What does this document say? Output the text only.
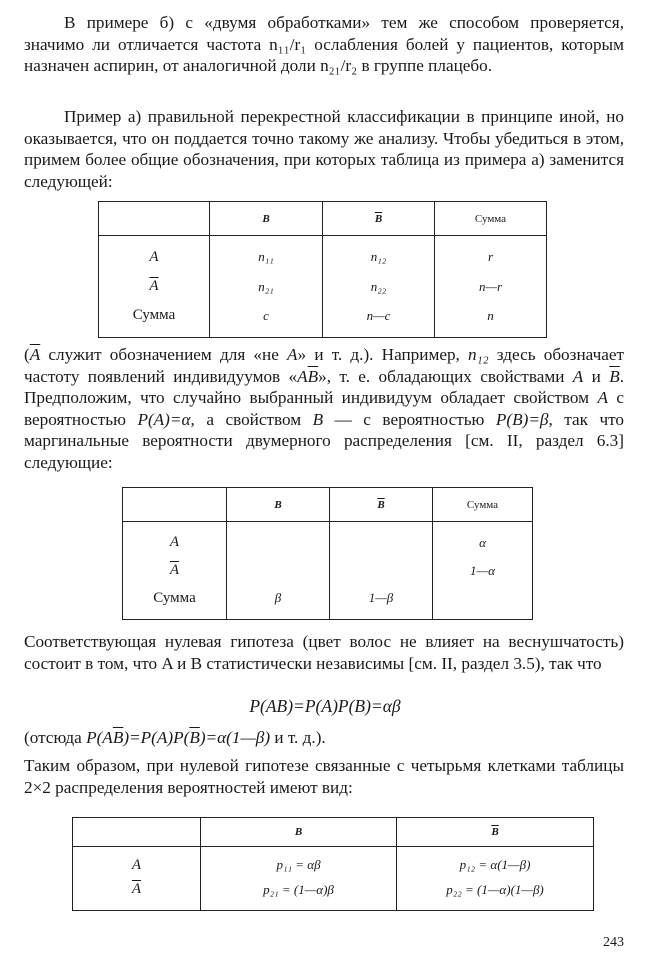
В примере б) с «двумя обработками» тем же способом проверяется, значимо ли отличается частота n₁₁/r₁ ослабления болей у пациентов, которым назначен аспирин, от аналогичной доли n₂₁/r₂ в группе плацебо.

Пример а) правильной перекрестной классификации в принципе иной, но оказывается, что он поддается точно такому же анализу. Чтобы убедиться в этом, примем более общие обозначения, при которых таблица из примера а) заменится следующей:

	B	$\overline{B}$	Сумма
A	n₁₁	n₁₂	r
$\overline{A}$	n₂₁	n₂₂	n—r
Сумма	c	n—c	n

($\overline{A}$ служит обозначением для «не A» и т. д.). Например, n₁₂ здесь обозначает частоту появлений индивидуумов «$A\overline{B}$», т. е. обладающих свойствами A и $\overline{B}$. Предположим, что случайно выбранный индивидуум обладает свойством A с вероятностью P(A)=α, а свойством B — с вероятностью P(B)=β, так что маргинальные вероятности двумерного распределения [см. II, раздел 6.3] следующие:

	B	$\overline{B}$	Сумма
A			α
$\overline{A}$			1—α
Сумма	β	1—β	

Соответствующая нулевая гипотеза (цвет волос не влияет на веснушчатость) состоит в том, что A и B статистически независимы [см. II, раздел 3.5), так что

P(AB)=P(A)P(B)=αβ

(отсюда $P(A\overline{B})=P(A)P(\overline{B})=\alpha(1—\beta)$ и т. д.).

Таким образом, при нулевой гипотезе связанные с четырьмя клетками таблицы 2×2 распределения вероятностей имеют вид:

	B	$\overline{B}$
A	p₁₁ = αβ	p₁₂ = α(1—β)
$\overline{A}$	p₂₁ = (1—α)β	p₂₂ = (1—α)(1—β)

243
